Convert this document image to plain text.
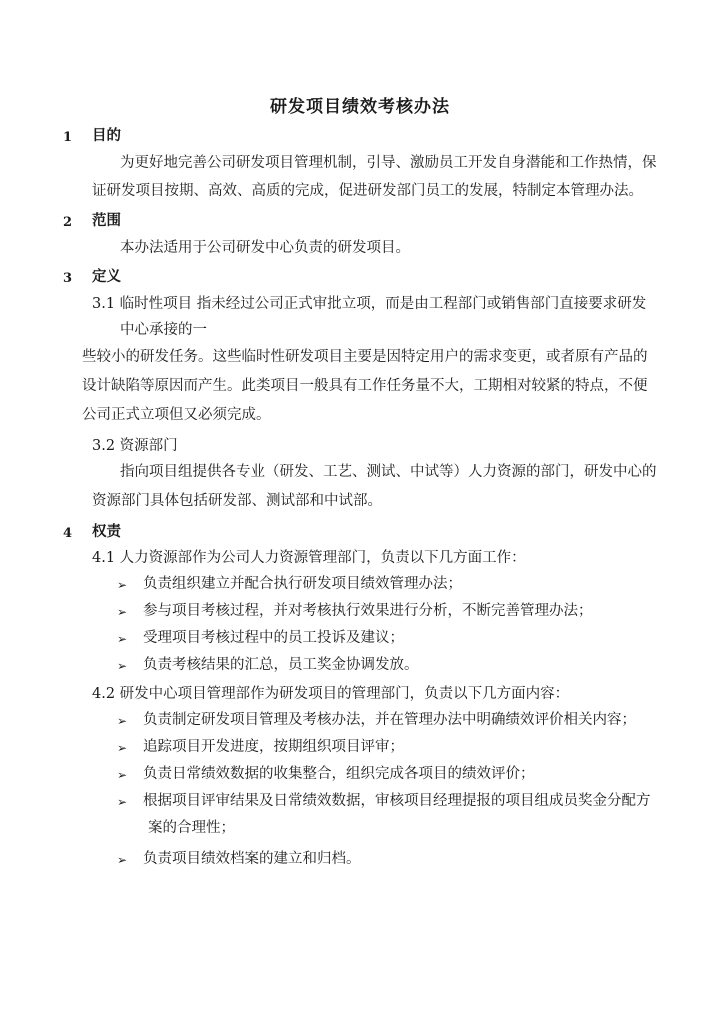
研发项目绩效考核办法
1 目的
为更好地完善公司研发项目管理机制，引导、激励员工开发自身潜能和工作热情，保
证研发项目按期、高效、高质的完成，促进研发部门员工的发展，特制定本管理办法。
2 范围
本办法适用于公司研发中心负责的研发项目。
3 定义
3.1 临时性项目 指未经过公司正式审批立项，而是由工程部门或销售部门直接要求研发
中心承接的一
些较小的研发任务。这些临时性研发项目主要是因特定用户的需求变更，或者原有产品的
设计缺陷等原因而产生。此类项目一般具有工作任务量不大，工期相对较紧的特点，不便
公司正式立项但又必须完成。
3.2 资源部门
指向项目组提供各专业（研发、工艺、测试、中试等）人力资源的部门，研发中心的
资源部门具体包括研发部、测试部和中试部。
4 权责
4.1 人力资源部作为公司人力资源管理部门，负责以下几方面工作：
➢ 负责组织建立并配合执行研发项目绩效管理办法；
➢ 参与项目考核过程，并对考核执行效果进行分析，不断完善管理办法；
➢ 受理项目考核过程中的员工投诉及建议；
➢ 负责考核结果的汇总，员工奖金协调发放。
4.2 研发中心项目管理部作为研发项目的管理部门，负责以下几方面内容：
➢ 负责制定研发项目管理及考核办法，并在管理办法中明确绩效评价相关内容；
➢ 追踪项目开发进度，按期组织项目评审；
➢ 负责日常绩效数据的收集整合，组织完成各项目的绩效评价；
➢ 根据项目评审结果及日常绩效数据，审核项目经理提报的项目组成员奖金分配方
案的合理性；
➢ 负责项目绩效档案的建立和归档。
